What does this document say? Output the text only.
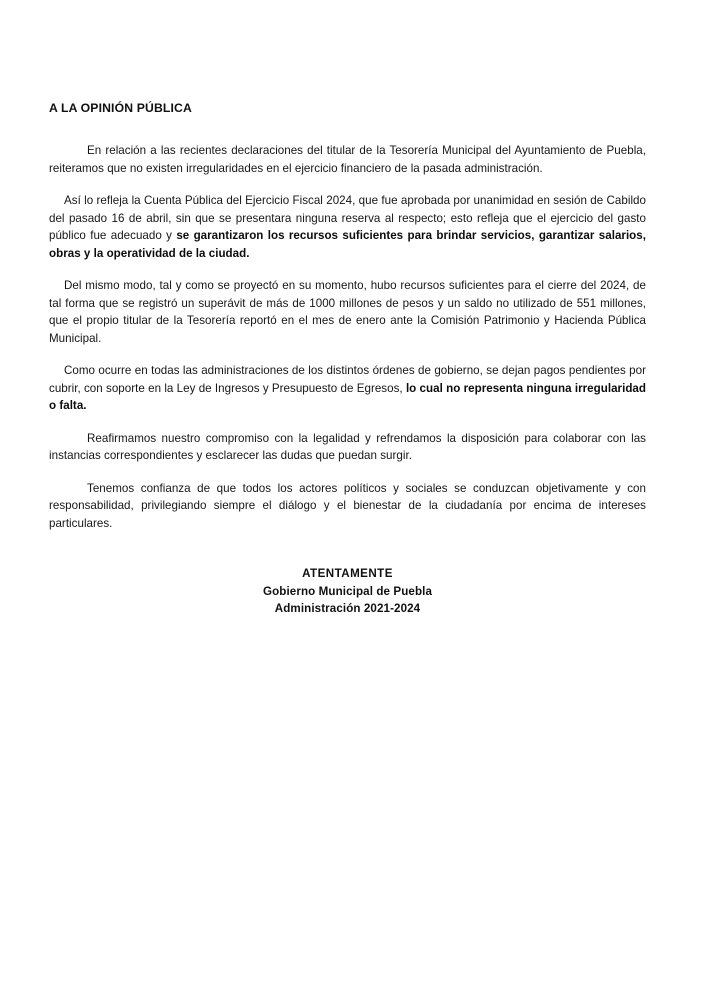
A LA OPINIÓN PÚBLICA

En relación a las recientes declaraciones del titular de la Tesorería Municipal del Ayuntamiento de Puebla, reiteramos que no existen irregularidades en el ejercicio financiero de la pasada administración.

Así lo refleja la Cuenta Pública del Ejercicio Fiscal 2024, que fue aprobada por unanimidad en sesión de Cabildo del pasado 16 de abril, sin que se presentara ninguna reserva al respecto; esto refleja que el ejercicio del gasto público fue adecuado y se garantizaron los recursos suficientes para brindar servicios, garantizar salarios, obras y la operatividad de la ciudad.

Del mismo modo, tal y como se proyectó en su momento, hubo recursos suficientes para el cierre del 2024, de tal forma que se registró un superávit de más de 1000 millones de pesos y un saldo no utilizado de 551 millones, que el propio titular de la Tesorería reportó en el mes de enero ante la Comisión Patrimonio y Hacienda Pública Municipal.

Como ocurre en todas las administraciones de los distintos órdenes de gobierno, se dejan pagos pendientes por cubrir, con soporte en la Ley de Ingresos y Presupuesto de Egresos, lo cual no representa ninguna irregularidad o falta.

Reafirmamos nuestro compromiso con la legalidad y refrendamos la disposición para colaborar con las instancias correspondientes y esclarecer las dudas que puedan surgir.

Tenemos confianza de que todos los actores políticos y sociales se conduzcan objetivamente y con responsabilidad, privilegiando siempre el diálogo y el bienestar de la ciudadanía por encima de intereses particulares.

ATENTAMENTE
Gobierno Municipal de Puebla
Administración 2021-2024
